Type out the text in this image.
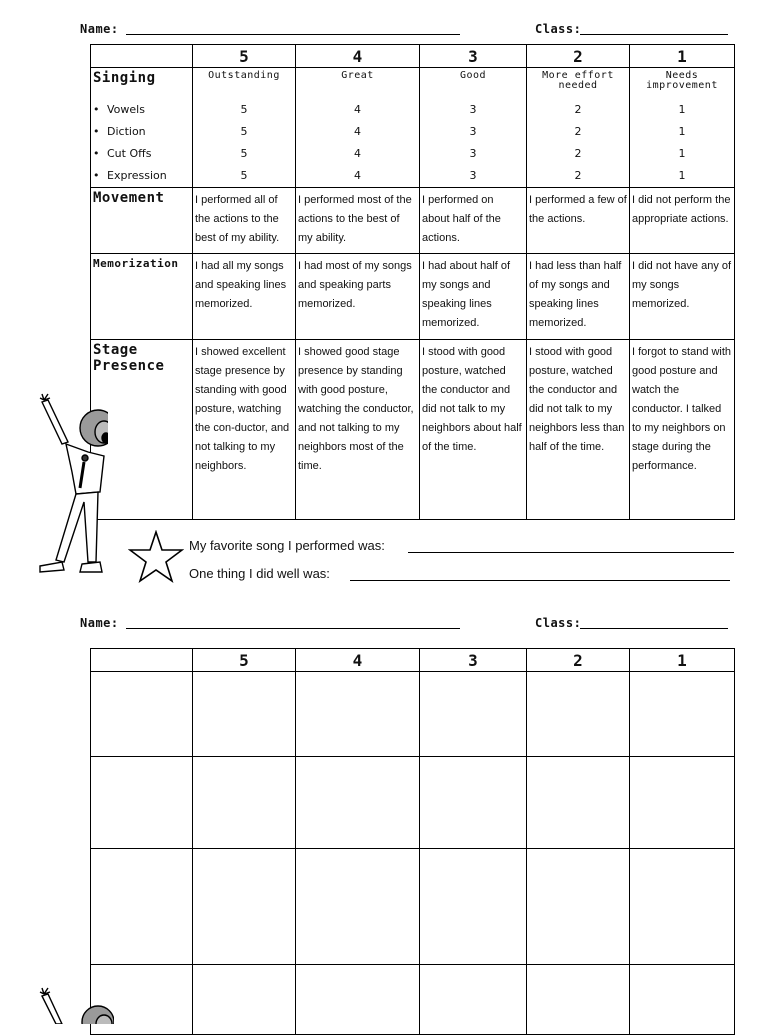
Name:	Class:
	5	4	3	2	1
Singing	Outstanding	Great	Good	More effort needed	Needs improvement
• Vowels	5	4	3	2	1
• Diction	5	4	3	2	1
• Cut Offs	5	4	3	2	1
• Expression	5	4	3	2	1
Movement	I performed all of the actions to the best of my ability.	I performed most of the actions to the best of my ability.	I performed on about half of the actions.	I performed a few of the actions.	I did not perform the appropriate actions.
Memorization	I had all my songs and speaking lines memorized.	I had most of my songs and speaking parts memorized.	I had about half of my songs and speaking lines memorized.	I had less than half of my songs and speaking lines memorized.	I did not have any of my songs memorized.
Stage Presence	I showed excellent stage presence by standing with good posture, watching the con-ductor, and not talking to my neighbors.	I showed good stage presence by standing with good posture, watching the conductor, and not talking to my neighbors most of the time.	I stood with good posture, watched the conductor and did not talk to my neighbors about half of the time.	I stood with good posture, watched the conductor and did not talk to my neighbors less than half of the time.	I forgot to stand with good posture and watch the conductor. I talked to my neighbors on stage during the performance.
My favorite song I performed was:
One thing I did well was:
Name:	Class:
	5	4	3	2	1
